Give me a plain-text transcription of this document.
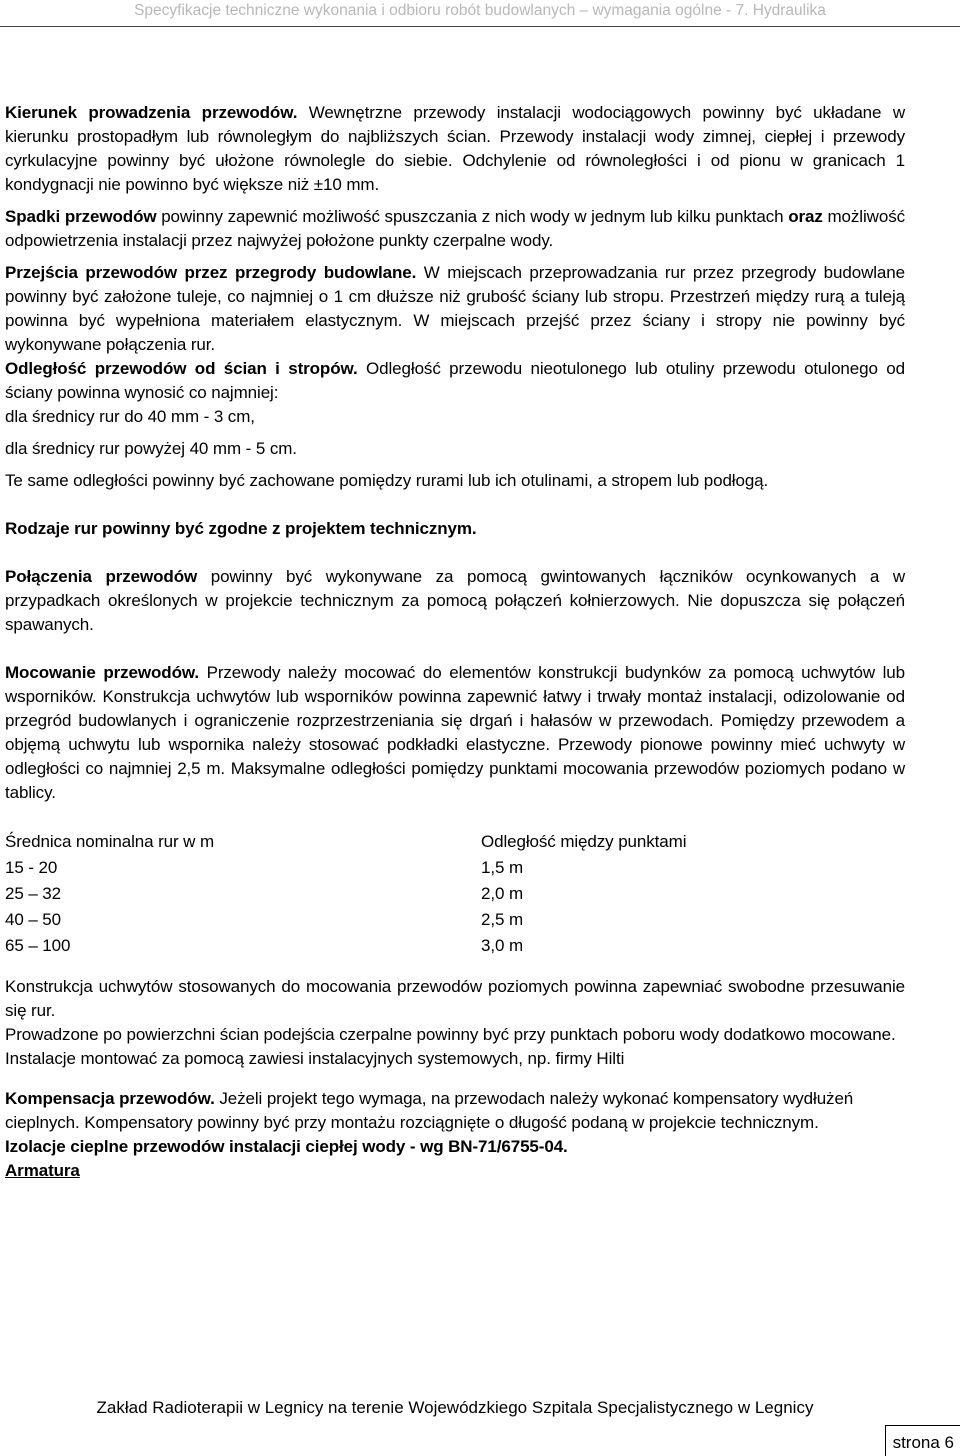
Specyfikacje techniczne wykonania i odbioru robót budowlanych – wymagania ogólne - 7. Hydraulika

Kierunek prowadzenia przewodów. Wewnętrzne przewody instalacji wodociągowych powinny być układane w kierunku prostopadłym lub równoległym do najbliższych ścian. Przewody instalacji wody zimnej, ciepłej i przewody cyrkulacyjne powinny być ułożone równolegle do siebie. Odchylenie od równoległości i od pionu w granicach 1 kondygnacji nie powinno być większe niż ±10 mm.

Spadki przewodów powinny zapewnić możliwość spuszczania z nich wody w jednym lub kilku punktach oraz możliwość odpowietrzenia instalacji przez najwyżej położone punkty czerpalne wody.

Przejścia przewodów przez przegrody budowlane. W miejscach przeprowadzania rur przez przegrody budowlane powinny być założone tuleje, co najmniej o 1 cm dłuższe niż grubość ściany lub stropu. Przestrzeń między rurą a tuleją powinna być wypełniona materiałem elastycznym. W miejscach przejść przez ściany i stropy nie powinny być wykonywane połączenia rur.

Odległość przewodów od ścian i stropów. Odległość przewodu nieotulonego lub otuliny przewodu otulonego od ściany powinna wynosić co najmniej:

dla średnicy rur do 40 mm - 3 cm,

dla średnicy rur powyżej 40 mm - 5 cm.

Te same odległości powinny być zachowane pomiędzy rurami lub ich otulinami, a stropem lub podłogą.

Rodzaje rur powinny być zgodne z projektem technicznym.

Połączenia przewodów powinny być wykonywane za pomocą gwintowanych łączników ocynkowanych a w przypadkach określonych w projekcie technicznym za pomocą połączeń kołnierzowych. Nie dopuszcza się połączeń spawanych.

Mocowanie przewodów. Przewody należy mocować do elementów konstrukcji budynków za pomocą uchwytów lub wsporników. Konstrukcja uchwytów lub wsporników powinna zapewnić łatwy i trwały montaż instalacji, odizolowanie od przegród budowlanych i ograniczenie rozprzestrzeniania się drgań i hałasów w przewodach. Pomiędzy przewodem a objęmą uchwytu lub wspornika należy stosować podkładki elastyczne. Przewody pionowe powinny mieć uchwyty w odległości co najmniej 2,5 m. Maksymalne odległości pomiędzy punktami mocowania przewodów poziomych podano w tablicy.

Średnica nominalna rur w m	Odległość między punktami
15 - 20	1,5 m
25 – 32	2,0 m
40 – 50	2,5 m
65 – 100	3,0 m

Konstrukcja uchwytów stosowanych do mocowania przewodów poziomych powinna zapewniać swobodne przesuwanie się rur.

Prowadzone po powierzchni ścian podejścia czerpalne powinny być przy punktach poboru wody dodatkowo mocowane.

Instalacje montować za pomocą zawiesi instalacyjnych systemowych, np. firmy Hilti

Kompensacja przewodów. Jeżeli projekt tego wymaga, na przewodach należy wykonać kompensatory wydłużeń cieplnych. Kompensatory powinny być przy montażu rozciągnięte o długość podaną w projekcie technicznym.

Izolacje cieplne przewodów instalacji ciepłej wody - wg BN-71/6755-04.

Armatura

Zakład Radioterapii w Legnicy na terenie Wojewódzkiego Szpitala Specjalistycznego w Legnicy
strona 6
